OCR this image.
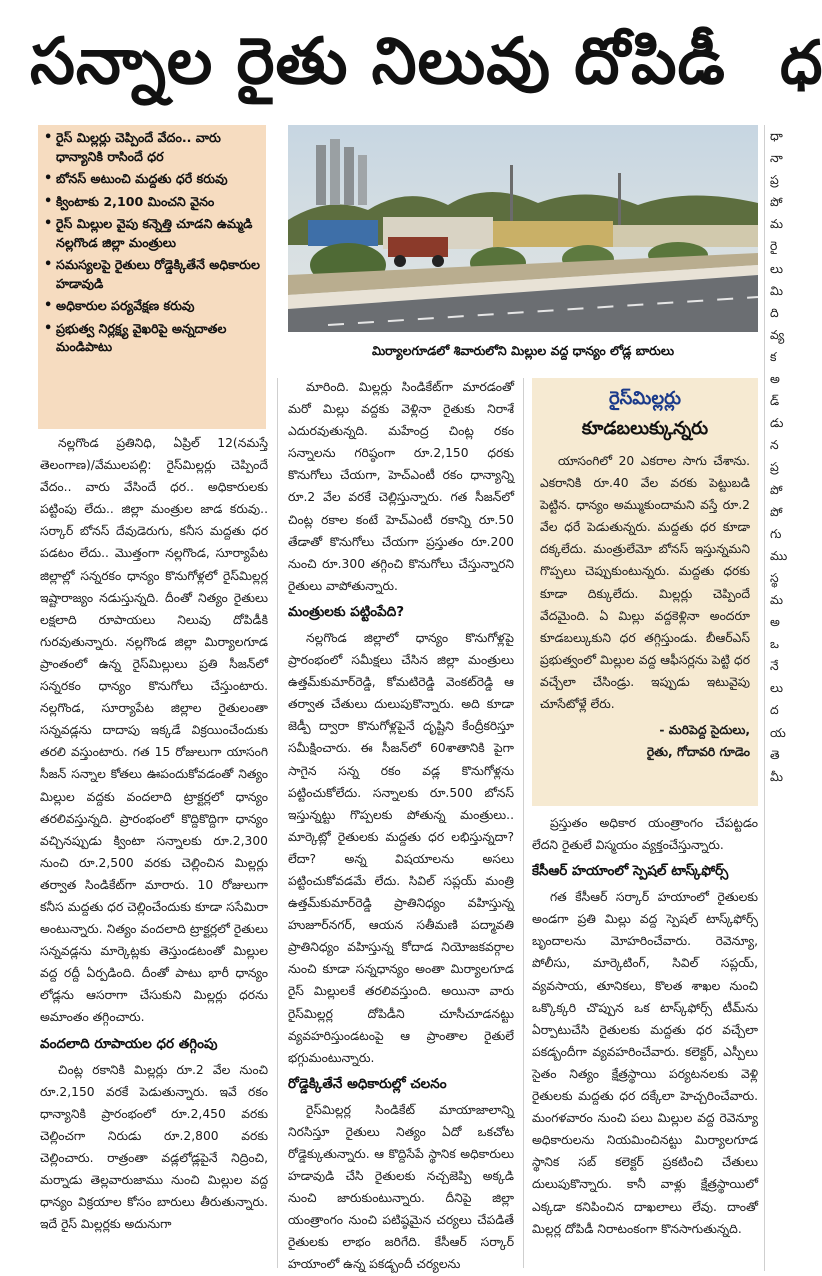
సన్నాల రైతు నిలువు దోపిడీ ధ
• రైస్ మిల్లర్లు చెప్పిందే వేదం.. వారు ధాన్యానికి రాసిందే ధర
• బోనస్ అటుంచి మద్దతు ధరే కరువు
• క్వింటాకు 2,100 మించని వైనం
• రైస్ మిల్లుల వైపు కన్నెత్తి చూడని ఉమ్మడి నల్లగొండ జిల్లా మంత్రులు
• సమస్యలపై రైతులు రోడ్డెక్కితేనే అధికారుల హడావుడి
• అధికారుల పర్యవేక్షణ కరువు
• ప్రభుత్వ నిర్లక్ష్య వైఖరిపై అన్నదాతల మండిపాటు	మిర్యాలగూడలో శివారులోని మిల్లుల వద్ద ధాన్యం లోడ్ల బారులు

నల్లగొండ ప్రతినిధి, ఏప్రిల్ 12(నమస్తే తెలంగాణ)/వేములపల్లి: రైస్‌మిల్లర్లు చెప్పిందే వేదం.. వారు వేసిందే ధర.. అధికారులకు పట్టింపు లేదు.. జిల్లా మంత్రుల జాడ కరువు.. సర్కార్ బోనస్ దేవుడెరుగు, కనీస మద్దతు ధర పడటం లేదు.. మొత్తంగా నల్లగొండ, సూర్యాపేట జిల్లాల్లో సన్నరకం ధాన్యం కొనుగోళ్లలో రైస్‌మిల్లర్ల ఇష్టారాజ్యం నడుస్తున్నది. దీంతో నిత్యం రైతులు లక్షలాది రూపాయలు నిలువు దోపిడీకి గురవుతున్నారు. నల్లగొండ జిల్లా మిర్యాలగూడ ప్రాంతంలో ఉన్న రైస్‌మిల్లులు ప్రతి సీజన్‌లో సన్నరకం ధాన్యం కొనుగోలు చేస్తుంటారు. నల్లగొండ, సూర్యాపేట జిల్లాల రైతులంతా సన్నవడ్లను దాదాపు ఇక్కడే విక్రయించేందుకు తరలి వస్తుంటారు. గత 15 రోజులుగా యాసంగి సీజన్ సన్నాల కోతలు ఊపందుకోవడంతో నిత్యం మిల్లుల వద్దకు వందలాది ట్రాక్టర్లలో ధాన్యం తరలివస్తున్నది. ప్రారంభంలో కొద్దికొద్దిగా ధాన్యం వచ్చినప్పుడు క్వింటా సన్నాలకు రూ.2,300 నుంచి రూ.2,500 వరకు చెల్లించిన మిల్లర్లు తర్వాత సిండికేట్‌గా మారారు. 10 రోజులుగా కనీస మద్దతు ధర చెల్లించేందుకు కూడా ససేమిరా అంటున్నారు. నిత్యం వందలాది ట్రాక్టర్లలో రైతులు సన్నవడ్లను మార్కెట్లకు తెస్తుండటంతో మిల్లుల వద్ద రద్దీ ఏర్పడింది. దీంతో పాటు భారీ ధాన్యం లోడ్లను ఆసరాగా చేసుకుని మిల్లర్లు ధరను అమాంతం తగ్గించారు.

వందలాది రూపాయల ధర తగ్గింపు

చింట్ల రకానికి మిల్లర్లు రూ.2 వేల నుంచి రూ.2,150 వరకే పెడుతున్నారు. ఇవే రకం ధాన్యానికి ప్రారంభంలో రూ.2,450 వరకు చెల్లించగా నిరుడు రూ.2,800 వరకు చెల్లించారు. రాత్రంతా వడ్లలోడ్లపైనే నిద్రించి, మర్నాడు తెల్లవారుజాము నుంచి మిల్లుల వద్ద ధాన్యం విక్రయాల కోసం బారులు తీరుతున్నారు. ఇదే రైస్ మిల్లర్లకు అదునుగా

మారింది. మిల్లర్లు సిండికేట్‌గా మారడంతో మరో మిల్లు వద్దకు వెళ్లినా రైతుకు నిరాశే ఎదురవుతున్నది. మహేంద్ర చింట్ల రకం సన్నాలను గరిష్ఠంగా రూ.2,150 ధరకు కొనుగోలు చేయగా, హెచ్‌ఎంటీ రకం ధాన్యాన్ని రూ.2 వేల వరకే చెల్లిస్తున్నారు. గత సీజన్‌లో చింట్ల రకాల కంటే హెచ్‌ఎంటీ రకాన్ని రూ.50 తేడాతో కొనుగోలు చేయగా ప్రస్తుతం రూ.200 నుంచి రూ.300 తగ్గించి కొనుగోలు చేస్తున్నారని రైతులు వాపోతున్నారు.

మంత్రులకు పట్టింపేది?

నల్లగొండ జిల్లాలో ధాన్యం కొనుగోళ్లపై ప్రారంభంలో సమీక్షలు చేసిన జిల్లా మంత్రులు ఉత్తమ్‌కుమార్‌రెడ్డి, కోమటిరెడ్డి వెంకట్‌రెడ్డి ఆ తర్వాత చేతులు దులుపుకొన్నారు. అది కూడా జెడ్పీ ద్వారా కొనుగోళ్లపైనే దృష్టిని కేంద్రీకరిస్తూ సమీక్షించారు. ఈ సీజన్‌లో 60శాతానికి పైగా సాగైన సన్న రకం వడ్ల కొనుగోళ్లను పట్టించుకోలేదు. సన్నాలకు రూ.500 బోనస్ ఇస్తున్నట్టు గొప్పలకు పోతున్న మంత్రులు.. మార్కెట్లో రైతులకు మద్దతు ధర లభిస్తున్నదా? లేదా? అన్న విషయాలను అసలు పట్టించుకోవడమే లేదు. సివిల్ సప్లయ్ మంత్రి ఉత్తమ్‌కుమార్‌రెడ్డి ప్రాతినిధ్యం వహిస్తున్న హుజూర్‌నగర్, ఆయన సతీమణి పద్మావతి ప్రాతినిధ్యం వహిస్తున్న కోదాడ నియోజకవర్గాల నుంచి కూడా సన్నధాన్యం అంతా మిర్యాలగూడ రైస్ మిల్లులకే తరలివస్తుంది. అయినా వారు రైస్‌మిల్లర్ల దోపిడీని చూసీచూడనట్టు వ్యవహరిస్తుండటంపై ఆ ప్రాంతాల రైతులే భగ్గుమంటున్నారు.

రోడ్డెక్కితేనే అధికారుల్లో చలనం

రైస్‌మిల్లర్ల సిండికేట్ మాయాజాలాన్ని నిరసిస్తూ రైతులు నిత్యం ఏదో ఒకచోట రోడ్డెక్కుతున్నారు. ఆ కొద్దిసేపే స్థానిక అధికారులు హడావుడి చేసి రైతులకు నచ్చజెప్పి అక్కడి నుంచి జారుకుంటున్నారు. దీనిపై జిల్లా యంత్రాంగం నుంచి పటిష్ఠమైన చర్యలు చేపడితే రైతులకు లాభం జరిగేది. కేసీఆర్ సర్కార్ హయాంలో ఉన్న పకడ్బందీ చర్యలను

రైస్‌మిల్లర్లు
కూడబలుక్కున్నరు

యాసంగిలో 20 ఎకరాల సాగు చేశాను. ఎకరానికి రూ.40 వేల వరకు పెట్టుబడి పెట్టిన. ధాన్యం అమ్ముకుందామని వస్తే రూ.2 వేల ధరే పెడుతున్నరు. మద్దతు ధర కూడా దక్కలేదు. మంత్రులేమో బోనస్ ఇస్తున్నమని గొప్పలు చెప్పుకుంటున్నరు. మద్దతు ధరకు కూడా దిక్కులేదు. మిల్లర్లు చెప్పిందే వేదమైంది. ఏ మిల్లు వద్దకెళ్లినా అందరూ కూడబల్కుకుని ధర తగ్గిస్తుండు. బీఆర్‌ఎస్ ప్రభుత్వంలో మిల్లుల వద్ద ఆఫీసర్లను పెట్టి ధర వచ్చేలా చేసిండ్రు. ఇప్పుడు ఇటువైపు చూసేటోళ్లే లేరు.

- మరిపెద్ద సైదులు,
రైతు, గోదావరి గూడెం

ప్రస్తుతం అధికార యంత్రాంగం చేపట్టడం లేదని రైతులే విస్మయం వ్యక్తంచేస్తున్నారు.

కేసీఆర్ హయాంలో స్పెషల్ టాస్క్‌ఫోర్స్

గత కేసీఆర్ సర్కార్ హయాంలో రైతులకు అండగా ప్రతి మిల్లు వద్ద స్పెషల్ టాస్క్‌ఫోర్స్ బృందాలను మోహరించేవారు. రెవెన్యూ, పోలీసు, మార్కెటింగ్, సివిల్ సప్లయ్, వ్యవసాయ, తూనికలు, కొలత శాఖల నుంచి ఒక్కొక్కరి చొప్పున ఒక టాస్క్‌ఫోర్స్ టీమ్‌ను ఏర్పాటుచేసి రైతులకు మద్దతు ధర వచ్చేలా పకడ్బందీగా వ్యవహరించేవారు. కలెక్టర్, ఎస్పీలు సైతం నిత్యం క్షేత్రస్థాయి పర్యటనలకు వెళ్లి రైతులకు మద్దతు ధర దక్కేలా హెచ్చరించేవారు. మంగళవారం నుంచి పలు మిల్లుల వద్ద రెవెన్యూ అధికారులను నియమించినట్టు మిర్యాలగూడ స్థానిక సబ్ కలెక్టర్ ప్రకటించి చేతులు దులుపుకొన్నారు. కానీ వాళ్లు క్షేత్రస్థాయిలో ఎక్కడా కనిపించిన దాఖలాలు లేవు. దాంతో మిల్లర్ల దోపిడీ నిరాటంకంగా కొనసాగుతున్నది.

ధా
నా
ప్ర
పో
మ
రై
లు
మి
ది
వ్య
క
అ
డ్
డు
న
ప్ర
పో
పో
గు
ము
స్థ
మ
అ
ఒ
నే
లు
ద
య
తె
మీ
